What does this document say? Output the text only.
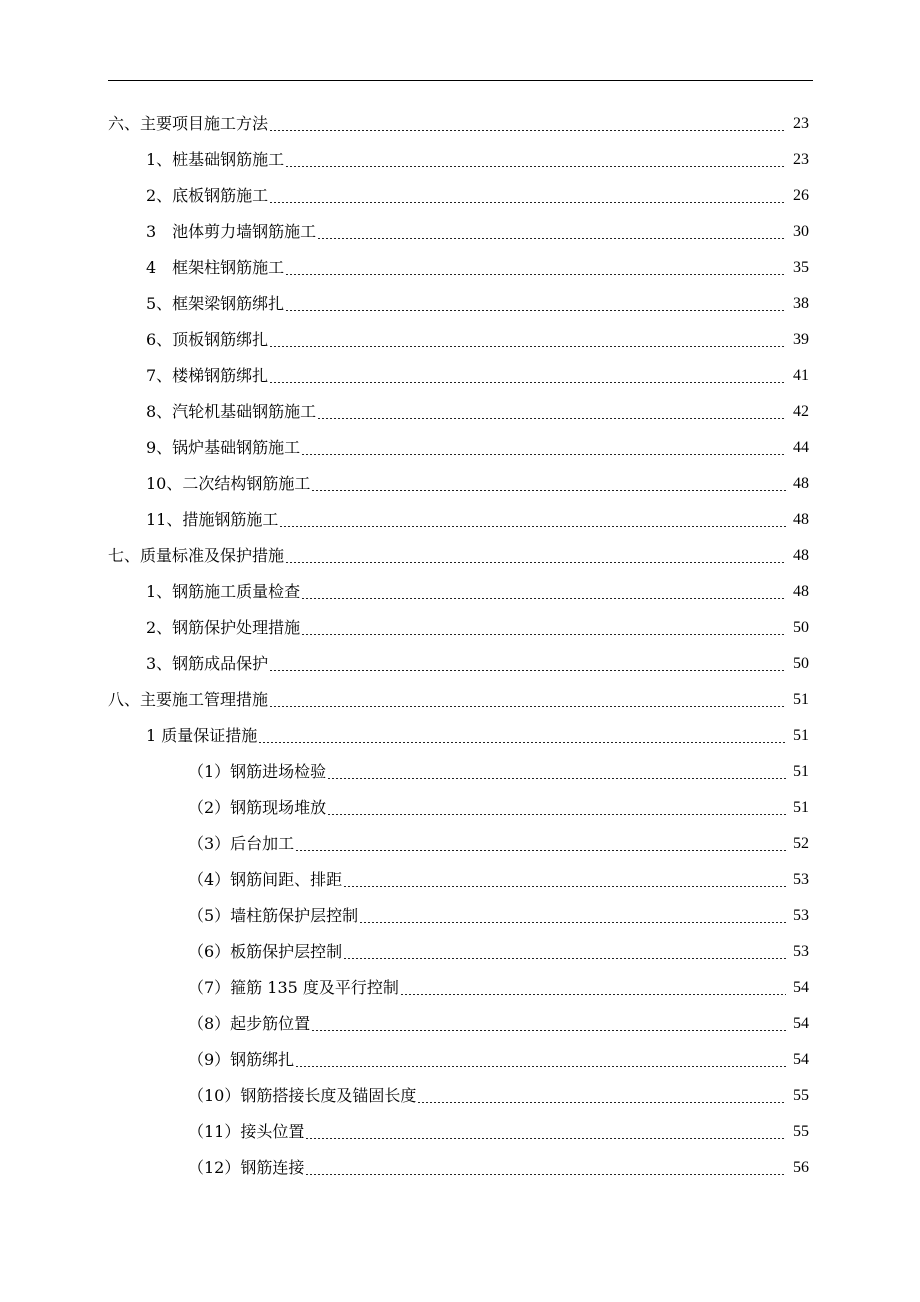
六、主要项目施工方法	23
1、桩基础钢筋施工	23
2、底板钢筋施工	26
3　池体剪力墙钢筋施工	30
4　框架柱钢筋施工	35
5、框架梁钢筋绑扎	38
6、顶板钢筋绑扎	39
7、楼梯钢筋绑扎	41
8、汽轮机基础钢筋施工	42
9、锅炉基础钢筋施工	44
10、二次结构钢筋施工	48
11、措施钢筋施工	48
七、质量标准及保护措施	48
1、钢筋施工质量检查	48
2、钢筋保护处理措施	50
3、钢筋成品保护	50
八、主要施工管理措施	51
1 质量保证措施	51
（1）钢筋进场检验	51
（2）钢筋现场堆放	51
（3）后台加工	52
（4）钢筋间距、排距	53
（5）墙柱筋保护层控制	53
（6）板筋保护层控制	53
（7）箍筋 135 度及平行控制	54
（8）起步筋位置	54
（9）钢筋绑扎	54
（10）钢筋搭接长度及锚固长度	55
（11）接头位置	55
（12）钢筋连接	56
